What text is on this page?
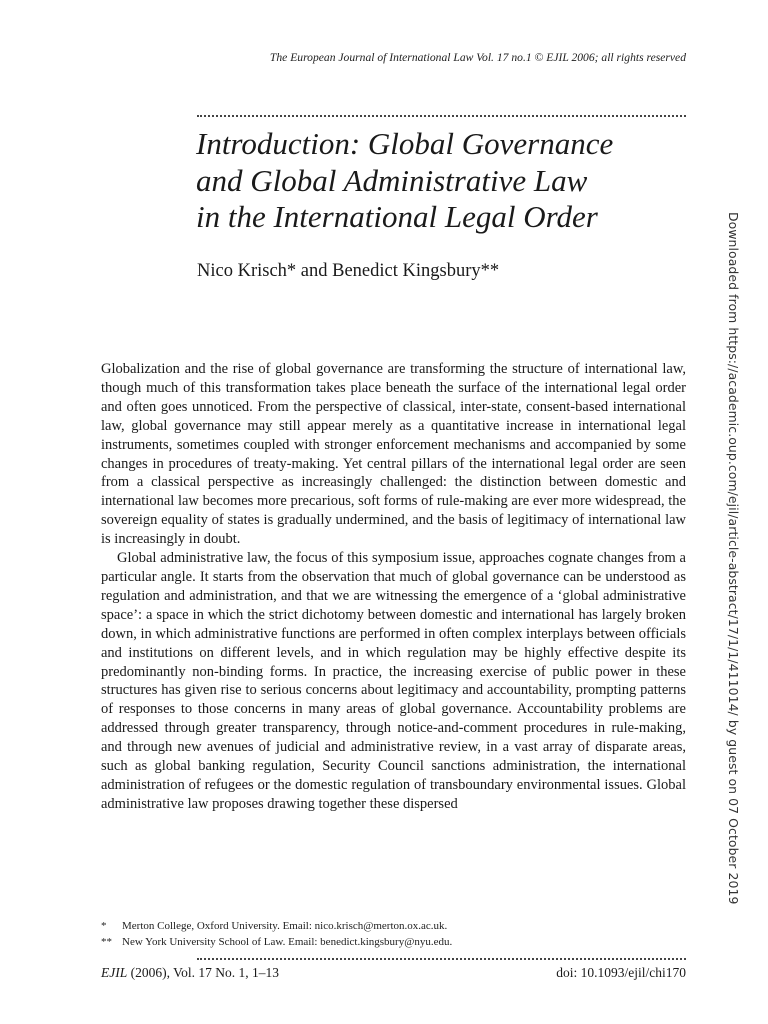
The European Journal of International Law Vol. 17 no.1 © EJIL 2006; all rights reserved
Introduction: Global Governance
and Global Administrative Law
in the International Legal Order
Nico Krisch* and Benedict Kingsbury**

Globalization and the rise of global governance are transforming the structure of international law, though much of this transformation takes place beneath the surface of the international legal order and often goes unnoticed. From the perspective of classical, inter-state, consent-based international law, global governance may still appear merely as a quantitative increase in international legal instruments, sometimes coupled with stronger enforcement mechanisms and accompanied by some changes in procedures of treaty-making. Yet central pillars of the international legal order are seen from a classical perspective as increasingly challenged: the distinction between domestic and international law becomes more precarious, soft forms of rule-making are ever more widespread, the sovereign equality of states is gradually undermined, and the basis of legitimacy of international law is increasingly in doubt.

Global administrative law, the focus of this symposium issue, approaches cognate changes from a particular angle. It starts from the observation that much of global governance can be understood as regulation and administration, and that we are witnessing the emergence of a ‘global administrative space’: a space in which the strict dichotomy between domestic and international has largely broken down, in which administrative functions are performed in often complex interplays between officials and institutions on different levels, and in which regulation may be highly effective despite its predominantly non-binding forms. In practice, the increasing exercise of public power in these structures has given rise to serious concerns about legitimacy and accountability, prompting patterns of responses to those concerns in many areas of global governance. Accountability problems are addressed through greater transparency, through notice-and-comment procedures in rule-making, and through new avenues of judicial and administrative review, in a vast array of disparate areas, such as global banking regulation, Security Council sanctions administration, the international administration of refugees or the domestic regulation of transboundary environmental issues. Global administrative law proposes drawing together these dispersed

*	Merton College, Oxford University. Email: nico.krisch@merton.ox.ac.uk.
** New York University School of Law. Email: benedict.kingsbury@nyu.edu.
EJIL (2006), Vol. 17 No. 1, 1–13	doi: 10.1093/ejil/chi170
Downloaded from https://academic.oup.com/ejil/article-abstract/17/1/1/411014/ by guest on 07 October 2019
